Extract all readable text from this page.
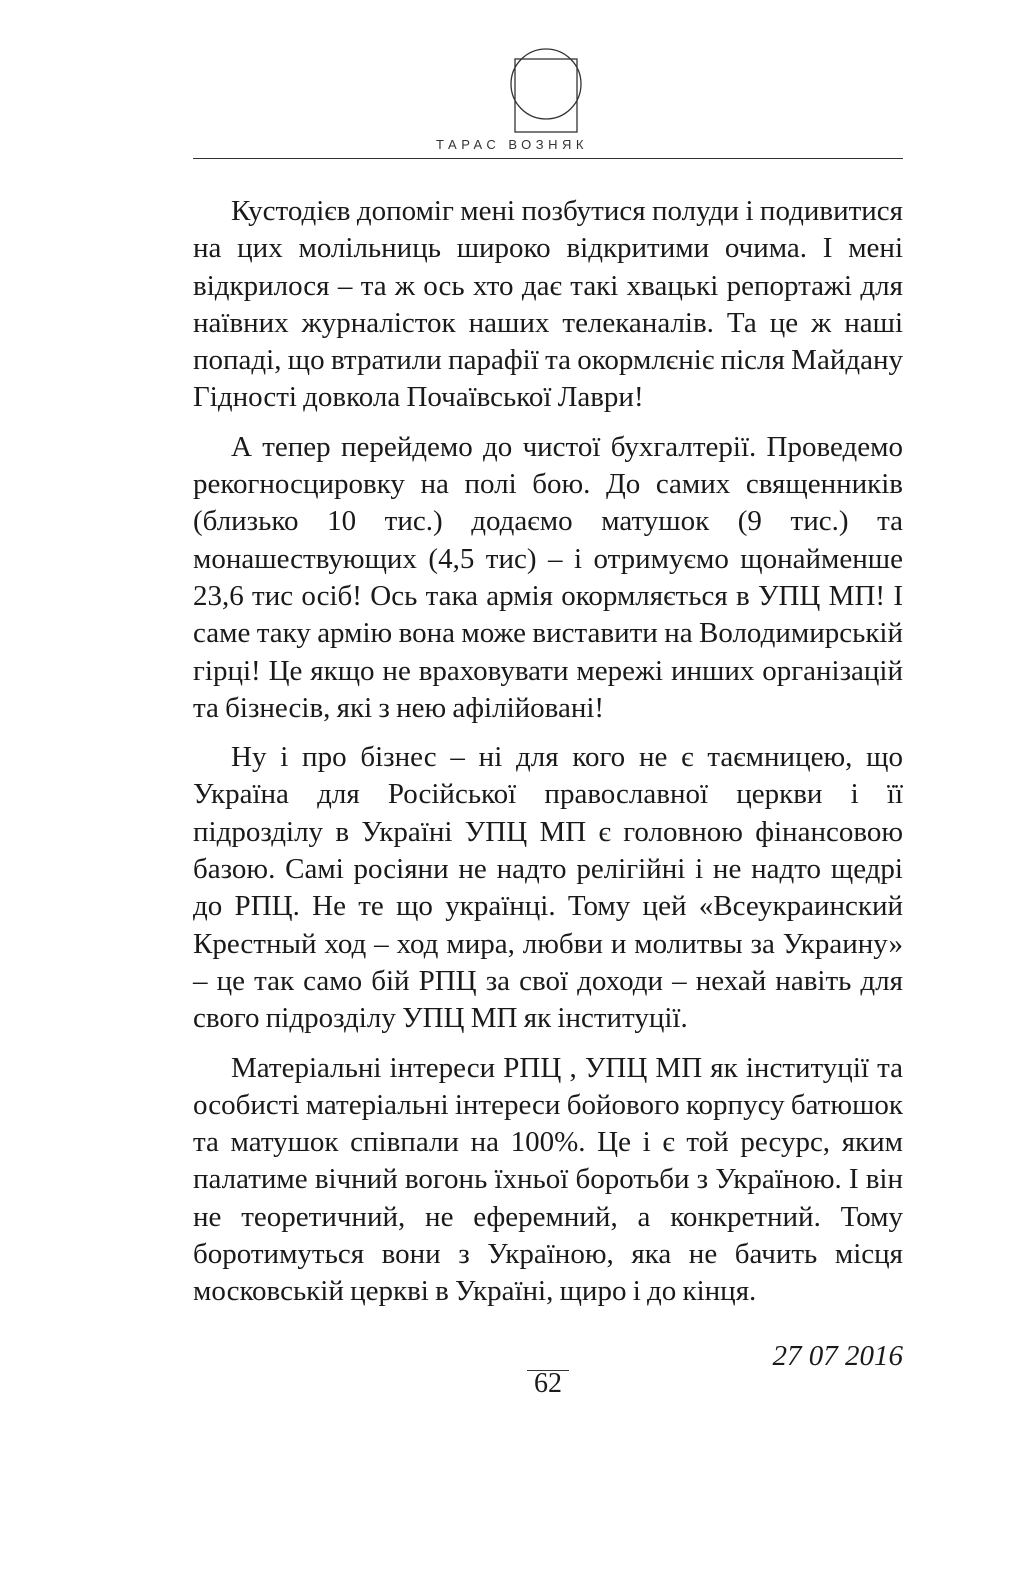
ТАРАС ВОЗНЯК

Кустодієв допоміг мені позбутися полуди і подивитися на цих молільниць широко відкритими очима. І мені відкрилося – та ж ось хто дає такі хвацькі репортажі для наївних журналісток наших телеканалів. Та це ж наші попаді, що втратили парафії та окормлєніє після Майдану Гідності довкола Почаївської Лаври!

А тепер перейдемо до чистої бухгалтерії. Проведемо рекогносцировку на полі бою. До самих священників (близько 10 тис.) додаємо матушок (9 тис.) та монашествующих (4,5 тис) – і отримуємо щонайменше 23,6 тис осіб! Ось така армія окормляється в УПЦ МП! І саме таку армію вона може виставити на Володимирській гірці! Це якщо не враховувати мережі инших організацій та бізнесів, які з нею афілійовані!

Ну і про бізнес – ні для кого не є таємницею, що Україна для Російської православної церкви і її підрозділу в Україні УПЦ МП є головною фінансовою базою. Самі росіяни не надто релігійні і не надто щедрі до РПЦ. Не те що українці. Тому цей «Всеукраинский Крестный ход – ход мира, любви и молитвы за Украину» – це так само бій РПЦ за свої доходи – нехай навіть для свого підрозділу УПЦ МП як інституції.

Матеріальні інтереси РПЦ , УПЦ МП як інституції та особисті матеріальні інтереси бойового корпусу батюшок та матушок співпали на 100%. Це і є той ресурс, яким палатиме вічний вогонь їхньої боротьби з Україною. І він не теоретичний, не еферемний, а конкретний. Тому боротимуться вони з Україною, яка не бачить місця московській церкві в Україні, щиро і до кінця.

27 07 2016
62
